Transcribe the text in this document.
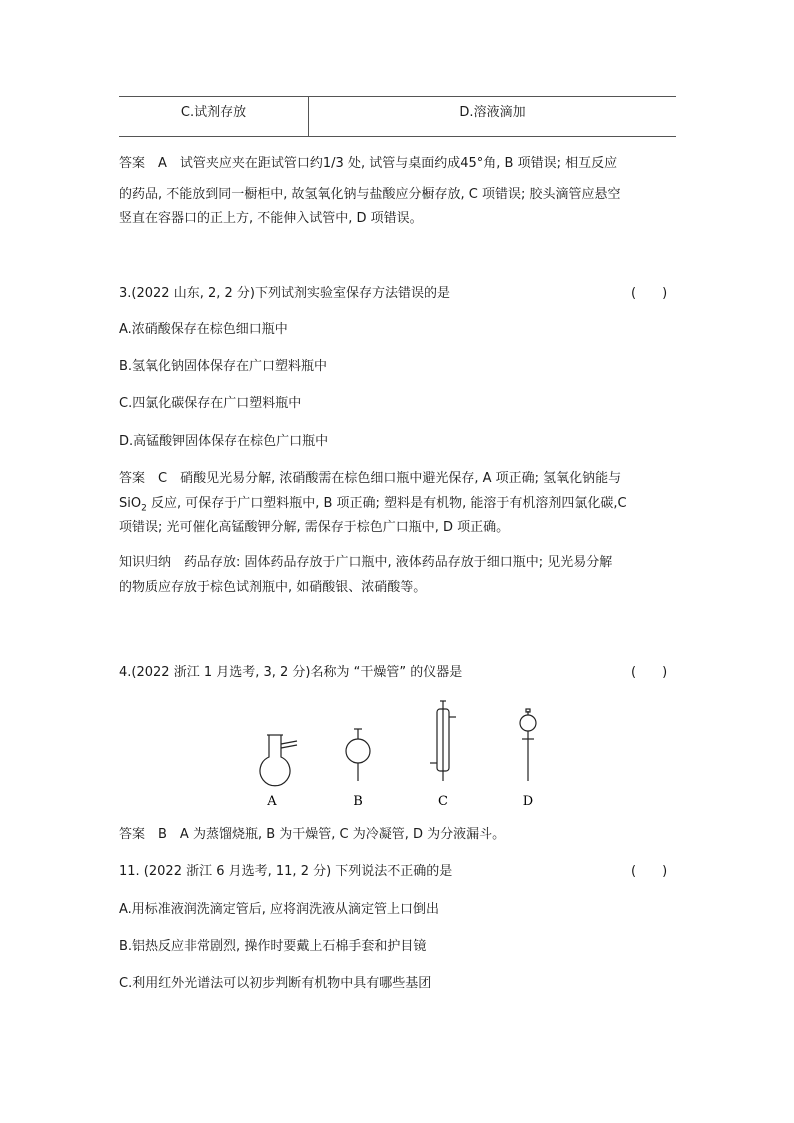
C.试剂存放	D.溶液滴加
答案　A　试管夹应夹在距试管口约1/3 处, 试管与桌面约成45°角, B 项错误; 相互反应
的药品, 不能放到同一橱柜中, 故氢氧化钠与盐酸应分橱存放, C 项错误; 胶头滴管应悬空
竖直在容器口的正上方, 不能伸入试管中, D 项错误。
3.(2022 山东, 2, 2 分)下列试剂实验室保存方法错误的是	(　　)
A.浓硝酸保存在棕色细口瓶中
B.氢氧化钠固体保存在广口塑料瓶中
C.四氯化碳保存在广口塑料瓶中
D.高锰酸钾固体保存在棕色广口瓶中
答案　C　硝酸见光易分解, 浓硝酸需在棕色细口瓶中避光保存, A 项正确; 氢氧化钠能与
SiO$_2$ 反应, 可保存于广口塑料瓶中, B 项正确; 塑料是有机物, 能溶于有机溶剂四氯化碳,C
项错误; 光可催化高锰酸钾分解, 需保存于棕色广口瓶中, D 项正确。
知识归纳　药品存放: 固体药品存放于广口瓶中, 液体药品存放于细口瓶中; 见光易分解
的物质应存放于棕色试剂瓶中, 如硝酸银、浓硝酸等。
4.(2022 浙江 1 月选考, 3, 2 分)名称为 “干燥管” 的仪器是	(　　)
A	B	C	D
答案　B　A 为蒸馏烧瓶, B 为干燥管, C 为冷凝管, D 为分液漏斗。
11. (2022 浙江 6 月选考, 11, 2 分) 下列说法不正确的是	(　　)
A.用标准液润洗滴定管后, 应将润洗液从滴定管上口倒出
B.铝热反应非常剧烈, 操作时要戴上石棉手套和护目镜
C.利用红外光谱法可以初步判断有机物中具有哪些基团
